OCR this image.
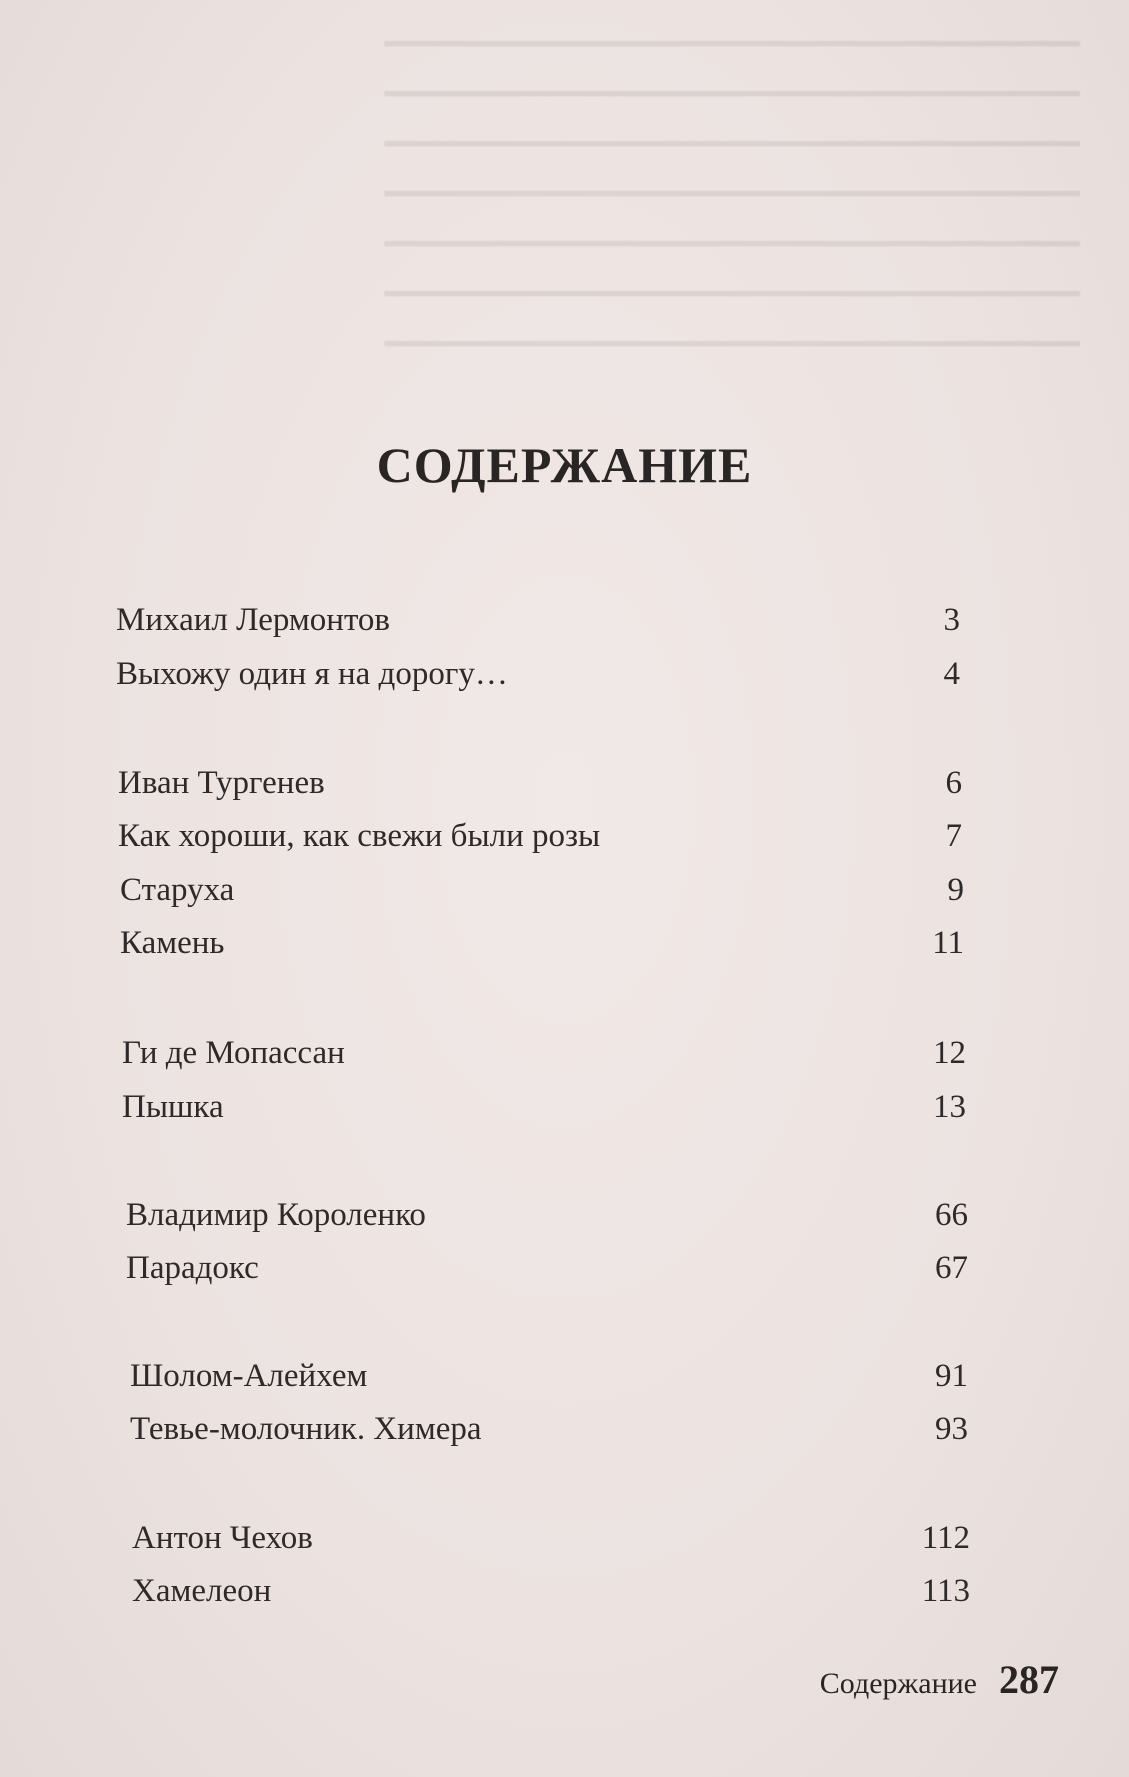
━━━━━━━━━━━━━━━━━━━━━━━━━━━━━━━━━━━
━━━━━━━━━━━━━━━━━━━━━━━━━━━━━━━━━━━
━━━━━━━━━━━━━━━━━━━━━━━━━━━━━━━━━━━
━━━━━━━━━━━━━━━━━━━━━━━━━━━━━━━━━━━
━━━━━━━━━━━━━━━━━━━━━━━━━━━━━━━━━━━
━━━━━━━━━━━━━━━━━━━━━━━━━━━━━━━━━━━
━━━━━━━━━━━━━━━━━━━━━━━━━━━━━━━━━━━
СОДЕРЖАНИЕ
Михаил Лермонтов	3
Выхожу один я на дорогу…	4
Иван Тургенев	6
Как хороши, как свежи были розы	7
Старуха	9
Камень	11
Ги де Мопассан	12
Пышка	13
Владимир Короленко	66
Парадокс	67
Шолом-Алейхем	91
Тевье-молочник. Химера	93
Антон Чехов	112
Хамелеон	113
Содержание 287
